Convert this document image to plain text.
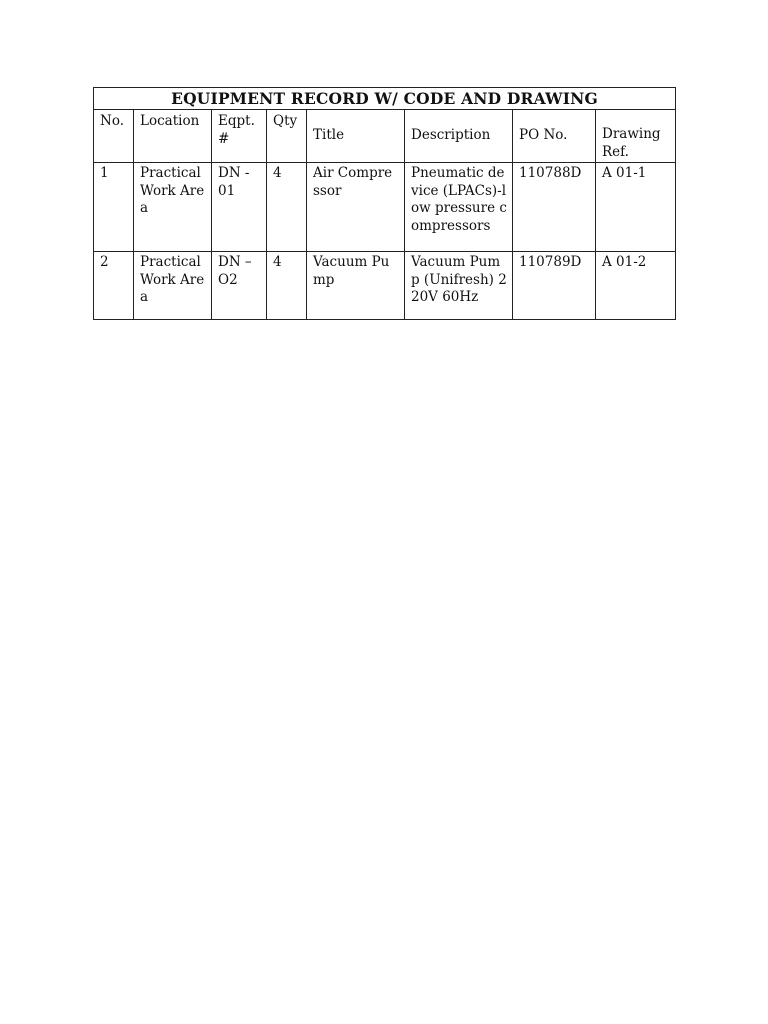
EQUIPMENT RECORD W/ CODE AND DRAWING							
No.	Location	Eqpt. #	Qty	Title	Description	PO No.	Drawing Ref.
1	Practical Work Area	DN - 01	4	Air Compressor	Pneumatic device (LPACs)-low pressure compressors	110788D	A 01-1
2	Practical Work Area	DN – O2	4	Vacuum Pump	Vacuum Pump (Unifresh) 220V 60Hz	110789D	A 01-2
